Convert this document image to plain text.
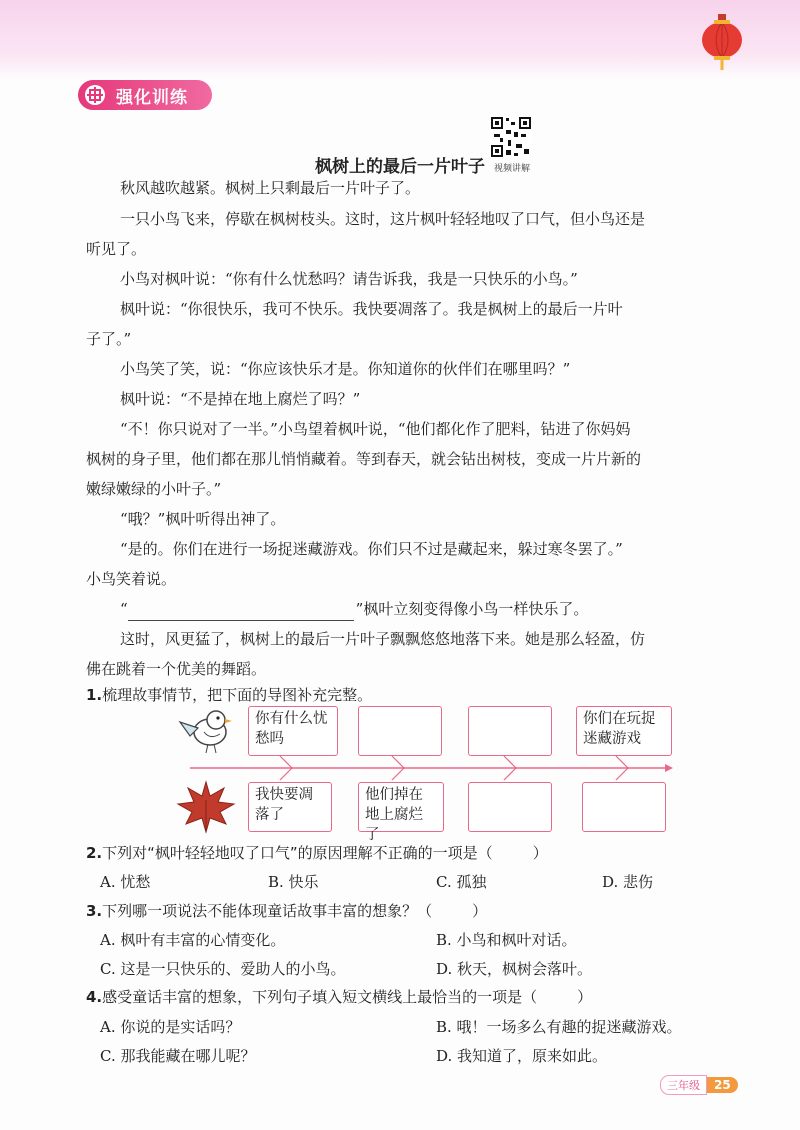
强化训练
视频讲解
枫树上的最后一片叶子
秋风越吹越紧。枫树上只剩最后一片叶子了。
一只小鸟飞来，停歇在枫树枝头。这时，这片枫叶轻轻地叹了口气，但小鸟还是
听见了。
小鸟对枫叶说：“你有什么忧愁吗？请告诉我，我是一只快乐的小鸟。”
枫叶说：“你很快乐，我可不快乐。我快要凋落了。我是枫树上的最后一片叶
子了。”
小鸟笑了笑，说：“你应该快乐才是。你知道你的伙伴们在哪里吗？”
枫叶说：“不是掉在地上腐烂了吗？”
“不！你只说对了一半。”小鸟望着枫叶说，“他们都化作了肥料，钻进了你妈妈
枫树的身子里，他们都在那儿悄悄藏着。等到春天，就会钻出树枝，变成一片片新的
嫩绿嫩绿的小叶子。”
“哦？”枫叶听得出神了。
“是的。你们在进行一场捉迷藏游戏。你们只不过是藏起来，躲过寒冬罢了。”
小鸟笑着说。
“	”枫叶立刻变得像小鸟一样快乐了。
这时，风更猛了，枫树上的最后一片叶子飘飘悠悠地落下来。她是那么轻盈，仿
佛在跳着一个优美的舞蹈。
1.梳理故事情节，把下面的导图补充完整。
你有什么忧愁吗
你们在玩捉迷藏游戏
我快要凋落了
他们掉在地上腐烂了
2.下列对“枫叶轻轻地叹了口气”的原因理解不正确的一项是（	）
A. 忧愁	B. 快乐	C. 孤独	D. 悲伤
3.下列哪一项说法不能体现童话故事丰富的想象？（	）
A. 枫叶有丰富的心情变化。	B. 小鸟和枫叶对话。
C. 这是一只快乐的、爱助人的小鸟。	D. 秋天，枫树会落叶。
4.感受童话丰富的想象，下列句子填入短文横线上最恰当的一项是（	）
A. 你说的是实话吗？	B. 哦！一场多么有趣的捉迷藏游戏。
C. 那我能藏在哪儿呢？	D. 我知道了，原来如此。
三年级	25
